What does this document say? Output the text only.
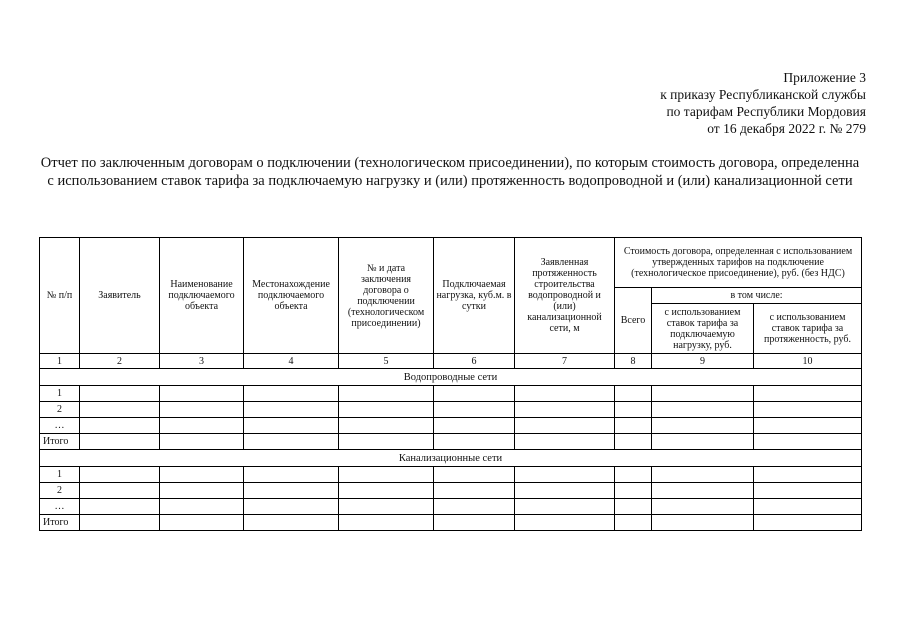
Приложение 3
к приказу Республиканской службы
по тарифам Республики Мордовия
от 16 декабря 2022 г. № 279
Отчет по заключенным договорам о подключении (технологическом присоединении), по которым стоимость договора, определенна с использованием ставок тарифа за подключаемую нагрузку и (или) протяженность водопроводной и (или) канализационной сети
№ п/п	Заявитель	Наименование подключаемого объекта	Местонахождение подключаемого объекта	№ и дата заключения договора о подключении (технологическом присоединении)	Подключаемая нагрузка, куб.м. в сутки	Заявленная протяженность строительства водопроводной и (или) канализационной сети, м	Стоимость договора, определенная с использованием утвержденных тарифов на подключение (технологическое присоединение), руб. (без НДС)		
							Всего	в том числе:	
								с использованием ставок тарифа за подключаемую нагрузку, руб.	с использованием ставок тарифа за протяженность, руб.
1	2	3	4	5	6	7	8	9	10
Водопроводные сети									
1									
2									
…									
Итого									
Канализационные сети									
1									
2									
…									
Итого									
